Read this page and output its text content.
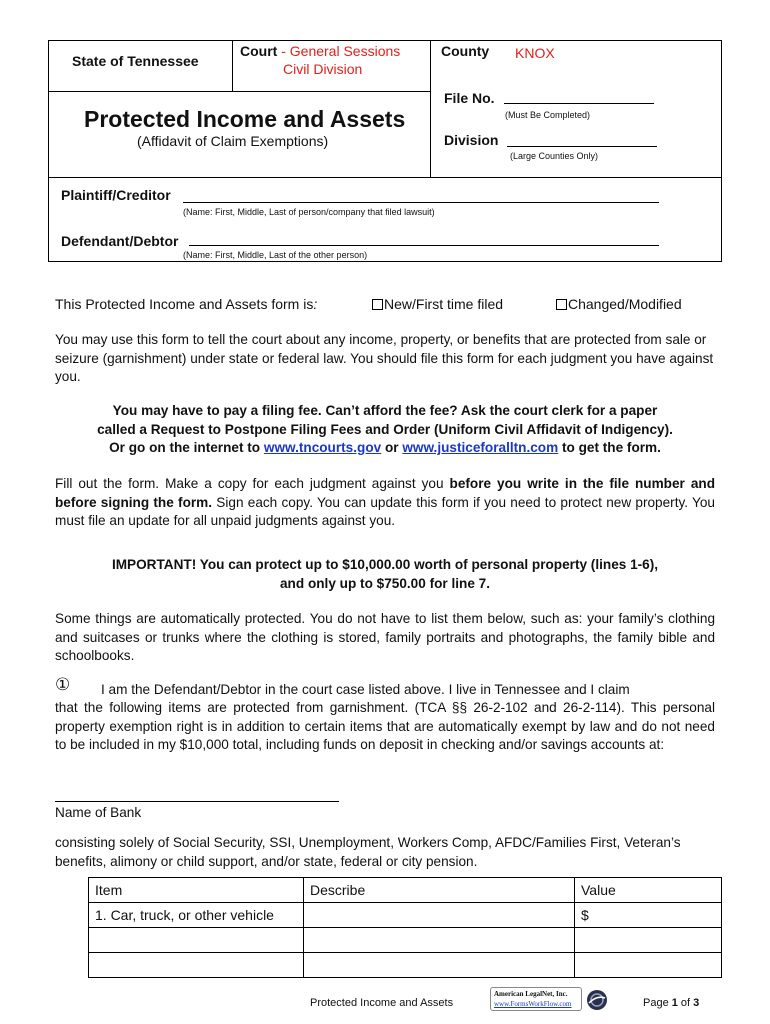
State of Tennessee
Court - General Sessions
Civil Division
County KNOX
Protected Income and Assets
(Affidavit of Claim Exemptions)
File No.
(Must Be Completed)
Division
(Large Counties Only)
Plaintiff/Creditor
(Name: First, Middle, Last of person/company that filed lawsuit)
Defendant/Debtor
(Name: First, Middle, Last of the other person)
This Protected Income and Assets form is:	New/First time filed	Changed/Modified
You may use this form to tell the court about any income, property, or benefits that are protected from sale or seizure (garnishment) under state or federal law. You should file this form for each judgment you have against you.
You may have to pay a filing fee. Can’t afford the fee? Ask the court clerk for a paper
called a Request to Postpone Filing Fees and Order (Uniform Civil Affidavit of Indigency).
Or go on the internet to www.tncourts.gov or www.justiceforalltn.com to get the form.
Fill out the form. Make a copy for each judgment against you before you write in the file number and before signing the form. Sign each copy. You can update this form if you need to protect new property. You must file an update for all unpaid judgments against you.
IMPORTANT! You can protect up to $10,000.00 worth of personal property (lines 1-6),
and only up to $750.00 for line 7.
Some things are automatically protected. You do not have to list them below, such as: your family’s clothing and suitcases or trunks where the clothing is stored, family portraits and photographs, the family bible and schoolbooks.
① I am the Defendant/Debtor in the court case listed above. I live in Tennessee and I claim
that the following items are protected from garnishment. (TCA §§ 26-2-102 and 26-2-114). This personal property exemption right is in addition to certain items that are automatically exempt by law and do not need to be included in my $10,000 total, including funds on deposit in checking and/or savings accounts at:
Name of Bank
consisting solely of Social Security, SSI, Unemployment, Workers Comp, AFDC/Families First, Veteran’s benefits, alimony or child support, and/or state, federal or city pension.
Item	Describe	Value
1. Car, truck, or other vehicle		$

Protected Income and Assets
American LegalNet, Inc.
www.FormsWorkFlow.com	Page 1 of 3
